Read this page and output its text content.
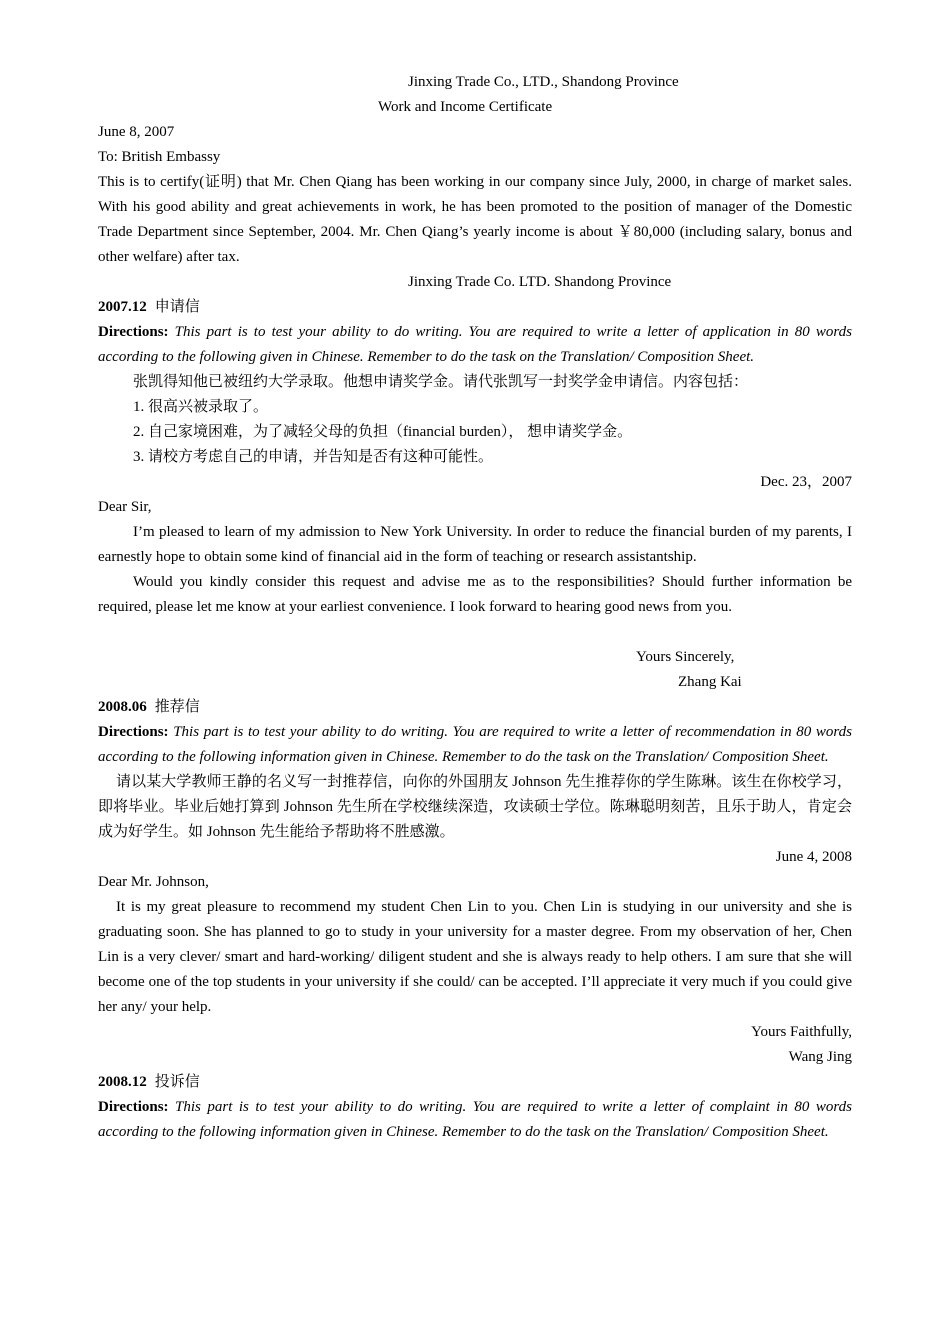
Jinxing Trade Co., LTD., Shandong Province
Work and Income Certificate
June 8, 2007
To: British Embassy
This is to certify(证明) that Mr. Chen Qiang has been working in our company since July, 2000, in charge of market sales. With his good ability and great achievements in work, he has been promoted to the position of manager of the Domestic Trade Department since September, 2004. Mr. Chen Qiang’s yearly income is about ￥80,000 (including salary, bonus and other welfare) after tax.
Jinxing Trade Co. LTD. Shandong Province
2007.12 申请信
Directions: This part is to test your ability to do writing. You are required to write a letter of application in 80 words according to the following given in Chinese. Remember to do the task on the Translation/ Composition Sheet.
张凯得知他已被纽约大学录取。他想申请奖学金。请代张凯写一封奖学金申请信。内容包括：
1. 很高兴被录取了。
2. 自己家境困难，为了减轻父母的负担（financial burden）， 想申请奖学金。
3. 请校方考虑自己的申请，并告知是否有这种可能性。
Dec. 23，2007
Dear Sir,
I’m pleased to learn of my admission to New York University. In order to reduce the financial burden of my parents, I earnestly hope to obtain some kind of financial aid in the form of teaching or research assistantship.
Would you kindly consider this request and advise me as to the responsibilities? Should further information be required, please let me know at your earliest convenience. I look forward to hearing good news from you.
Yours Sincerely,
Zhang Kai
2008.06 推荐信
Directions: This part is to test your ability to do writing. You are required to write a letter of recommendation in 80 words according to the following information given in Chinese. Remember to do the task on the Translation/ Composition Sheet.
请以某大学教师王静的名义写一封推荐信，向你的外国朋友 Johnson 先生推荐你的学生陈琳。该生在你校学习，即将毕业。毕业后她打算到 Johnson 先生所在学校继续深造，攻读硕士学位。陈琳聪明刻苦，且乐于助人，肯定会成为好学生。如 Johnson 先生能给予帮助将不胜感激。
June 4, 2008
Dear Mr. Johnson,
It is my great pleasure to recommend my student Chen Lin to you. Chen Lin is studying in our university and she is graduating soon. She has planned to go to study in your university for a master degree. From my observation of her, Chen Lin is a very clever/ smart and hard-working/ diligent student and she is always ready to help others. I am sure that she will become one of the top students in your university if she could/ can be accepted. I’ll appreciate it very much if you could give her any/ your help.
Yours Faithfully,
Wang Jing
2008.12 投诉信
Directions: This part is to test your ability to do writing. You are required to write a letter of complaint in 80 words according to the following information given in Chinese. Remember to do the task on the Translation/ Composition Sheet.
